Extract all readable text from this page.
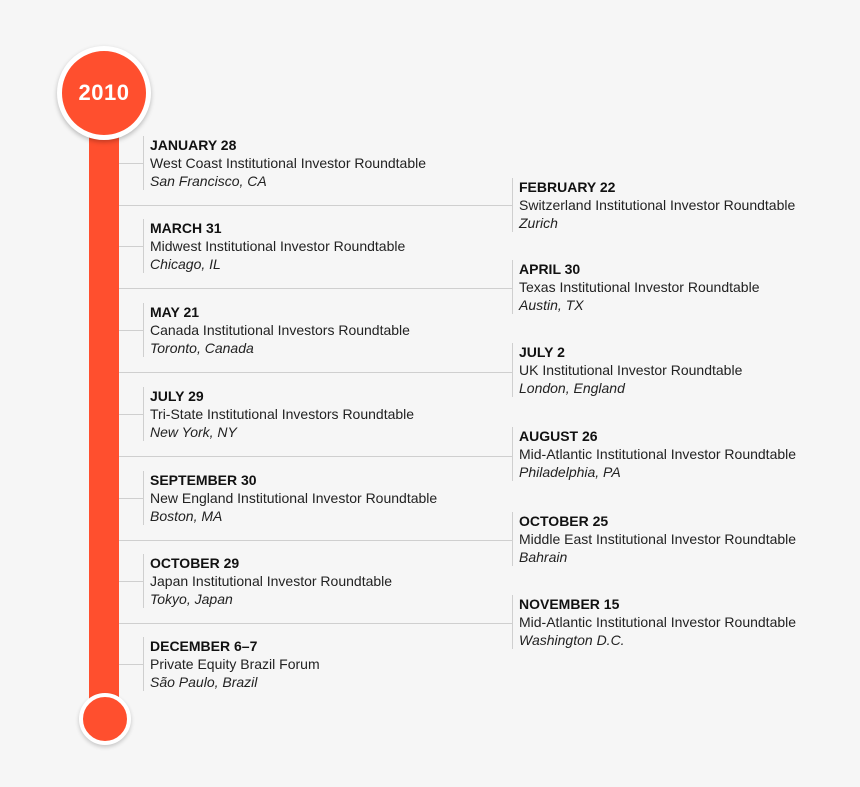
2010
JANUARY 28
West Coast Institutional Investor Roundtable
San Francisco, CA
MARCH 31
Midwest Institutional Investor Roundtable
Chicago, IL
MAY 21
Canada Institutional Investors Roundtable
Toronto, Canada
JULY 29
Tri-State Institutional Investors Roundtable
New York, NY
SEPTEMBER 30
New England Institutional Investor Roundtable
Boston, MA
OCTOBER 29
Japan Institutional Investor Roundtable
Tokyo, Japan
DECEMBER 6–7
Private Equity Brazil Forum
São Paulo, Brazil
FEBRUARY 22
Switzerland Institutional Investor Roundtable
Zurich
APRIL 30
Texas Institutional Investor Roundtable
Austin, TX
JULY 2
UK Institutional Investor Roundtable
London, England
AUGUST 26
Mid-Atlantic Institutional Investor Roundtable
Philadelphia, PA
OCTOBER 25
Middle East Institutional Investor Roundtable
Bahrain
NOVEMBER 15
Mid-Atlantic Institutional Investor Roundtable
Washington D.C.
